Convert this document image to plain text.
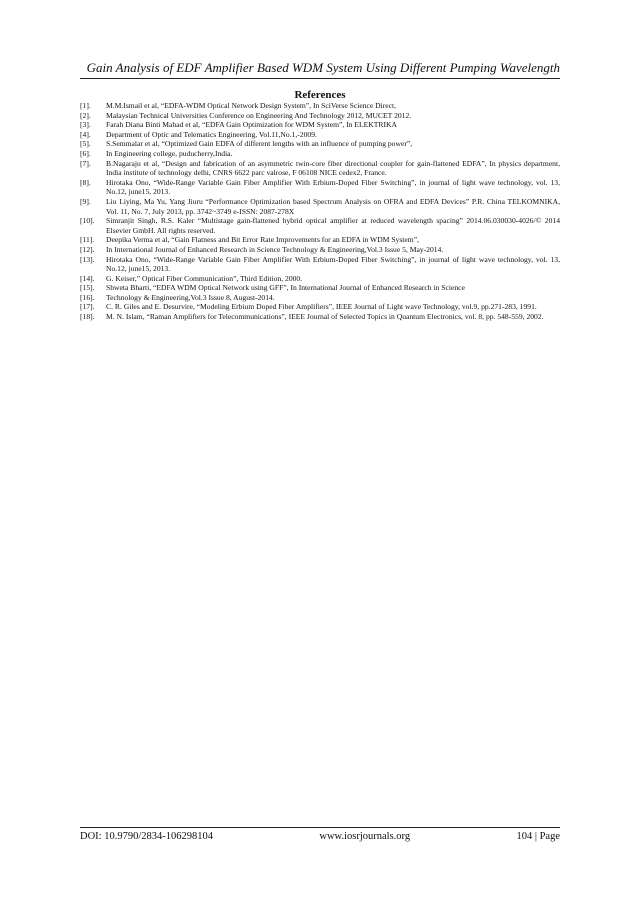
Gain Analysis of EDF Amplifier Based WDM System Using Different Pumping Wavelength
References
[1].	M.M.Ismail et al, “EDFA-WDM Optical Network Design System”, In SciVerse Science Direct,
[2].	Malaysian Technical Universities Conference on Engineering And Technology 2012, MUCET 2012.
[3].	Farah Diana Binti Mahad et al, “EDFA Gain Optimization for WDM System”, In ELEKTRIKA
[4].	Department of Optic and Telematics Engineering, Vol.11,No.1,-2009.
[5].	S.Semmalar et al, “Optimized Gain EDFA of different lengths with an influence of pumping power”,
[6].	In Engineering college, puducherry,India.
[7].	B.Nagaraju et al, “Design and fabrication of an asymmetric twin-core fiber directional coupler for gain-flattened EDFA”, In physics department, India institute of technology delhi, CNRS 6622 parc valrose, F 06108 NICE cedex2, France.
[8].	Hirotaka Ono, “Wide-Range Variable Gain Fiber Amplifier With Erbium-Doped Fiber Switching”, in journal of light wave technology, vol. 13, No.12, june15, 2013.
[9].	Liu Liying, Ma Yu, Yang Jiuru “Performance Optimization based Spectrum Analysis on OFRA and EDFA Devices” P.R. China TELKOMNIKA, Vol. 11, No. 7, July 2013, pp. 3742~3749 e-ISSN: 2087-278X
[10].	Simranjit Singh, R.S. Kaler “Multistage gain-flattened hybrid optical amplifier at reduced wavelength spacing” 2014.06.030030-4026/© 2014 Elsevier GmbH. All rights reserved.
[11].	Deepika Verma et al, “Gain Flatness and Bit Error Rate Improvements for an EDFA in WDM System”,
[12].	In International Journal of Enhanced Research in Science Technology & Engineering,Vol.3 Issue 5, May-2014.
[13].	Hirotaka Ono, “Wide-Range Variable Gain Fiber Amplifier With Erbium-Doped Fiber Switching”, in journal of light wave technology, vol. 13, No.12, june15, 2013.
[14].	G. Keiser,” Optical Fiber Communication”, Third Edition, 2000.
[15].	Shweta Bharti, “EDFA WDM Optical Network using GFF”, In International Journal of Enhanced Research in Science
[16].	Technology & Engineering,Vol.3 Issue 8, August-2014.
[17].	C. R. Giles and E. Desurvire, “Modeling Erbium Doped Fiber Amplifiers”, IEEE Journal of Light wave Technology, vol.9, pp.271-283, 1991.
[18].	M. N. Islam, “Raman Amplifiers for Telecommunications”, IEEE Journal of Selected Topics in Quantum Electronics, vol. 8, pp. 548-559, 2002.
DOI: 10.9790/2834-106298104	www.iosrjournals.org	104 | Page
